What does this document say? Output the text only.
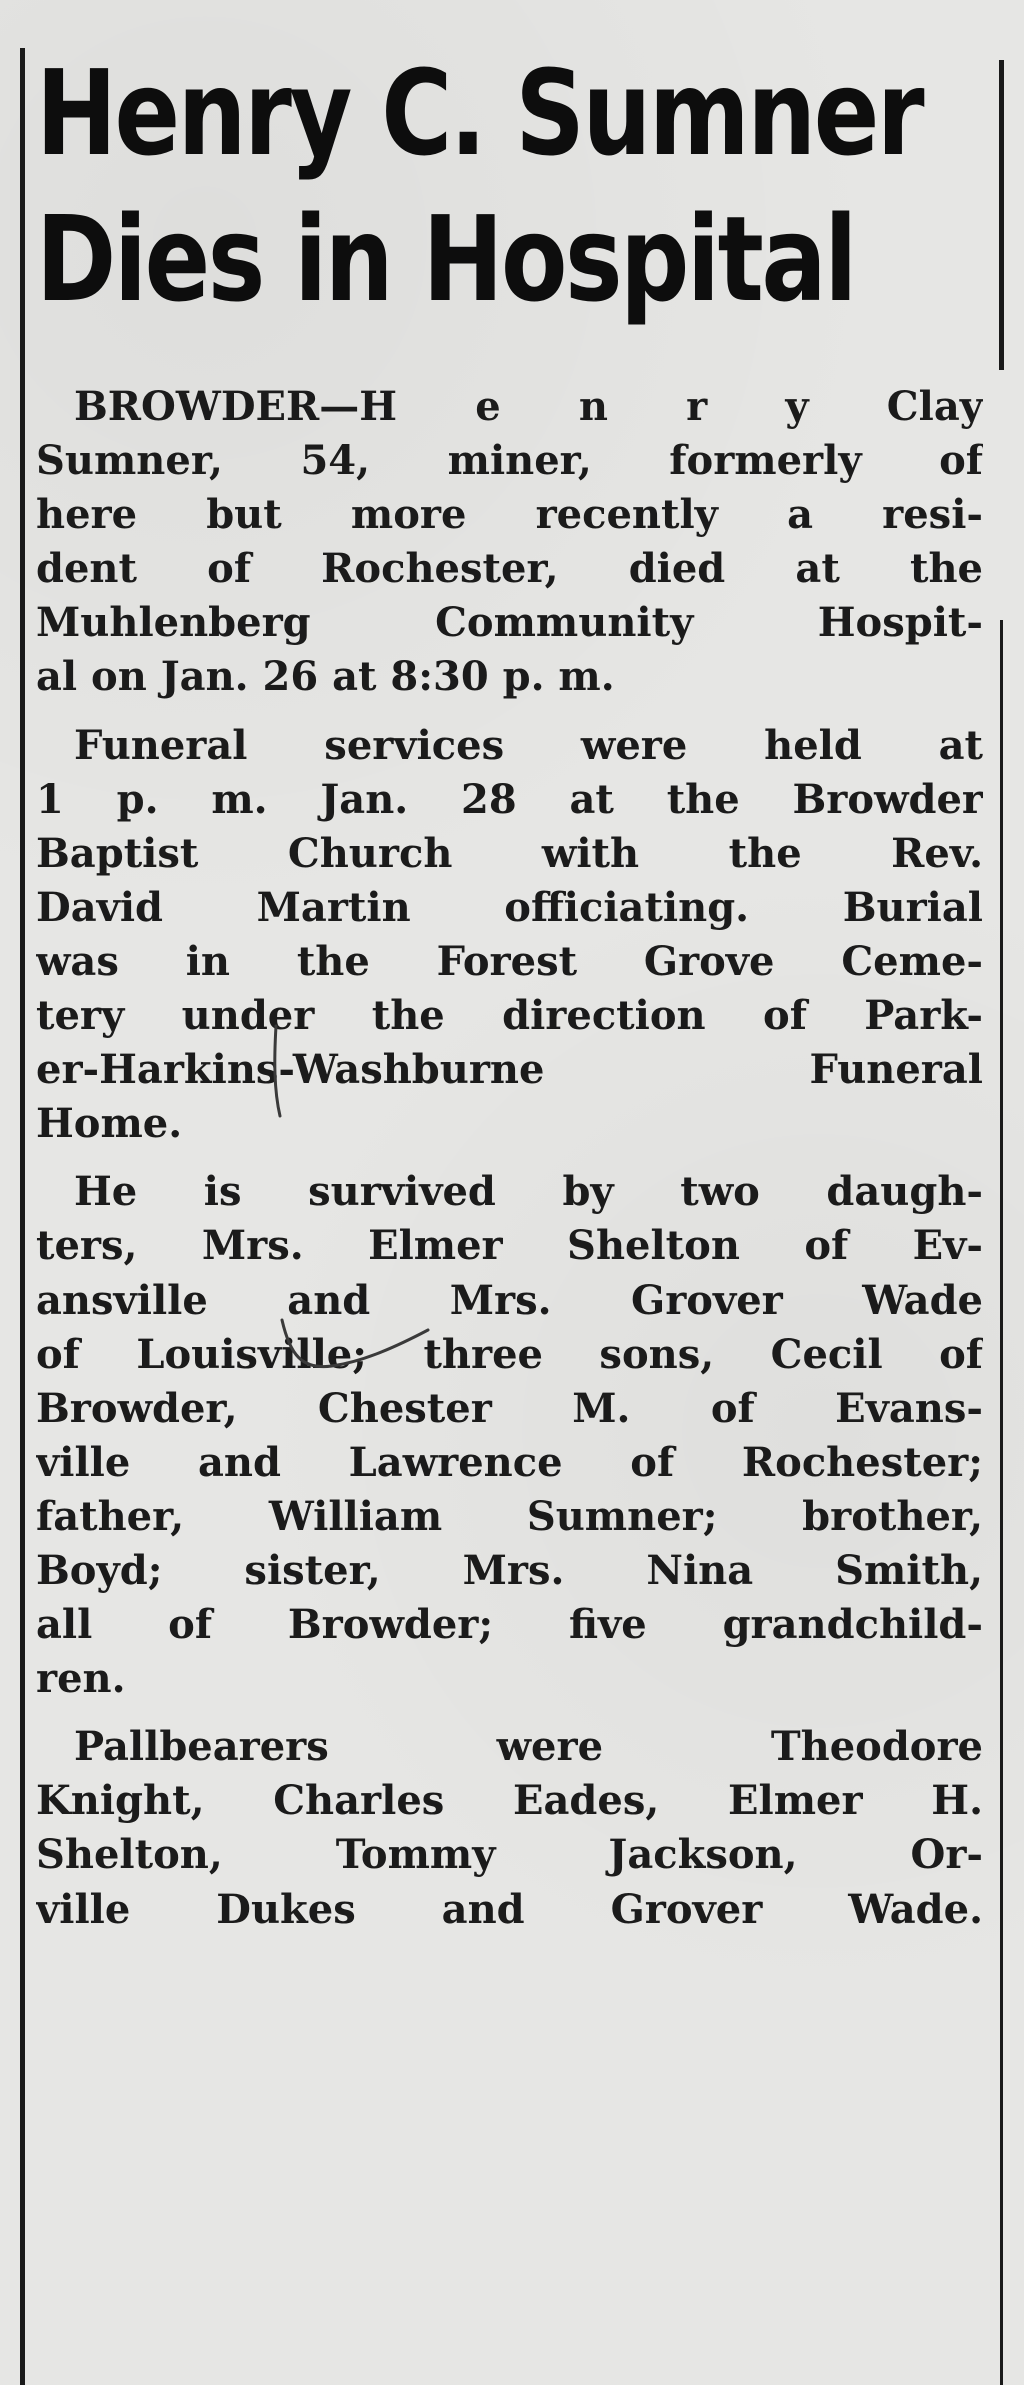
Henry C. Sumner
Dies in Hospital
BROWDER—H e n r y Clay
Sumner, 54, miner, formerly of
here but more recently a resi-
dent of Rochester, died at the
Muhlenberg Community Hospit-
al on Jan. 26 at 8:30 p. m.
Funeral services were held at
1 p. m. Jan. 28 at the Browder
Baptist Church with the Rev.
David Martin officiating. Burial
was in the Forest Grove Ceme-
tery under the direction of Park-
er-Harkins-Washburne Funeral
Home.
He is survived by two daugh-
ters, Mrs. Elmer Shelton of Ev-
ansville and Mrs. Grover Wade
of Louisville; three sons, Cecil of
Browder, Chester M. of Evans-
ville and Lawrence of Rochester;
father, William Sumner; brother,
Boyd; sister, Mrs. Nina Smith,
all of Browder; five grandchild-
ren.
Pallbearers were Theodore
Knight, Charles Eades, Elmer H.
Shelton, Tommy Jackson, Or-
ville Dukes and Grover Wade.
